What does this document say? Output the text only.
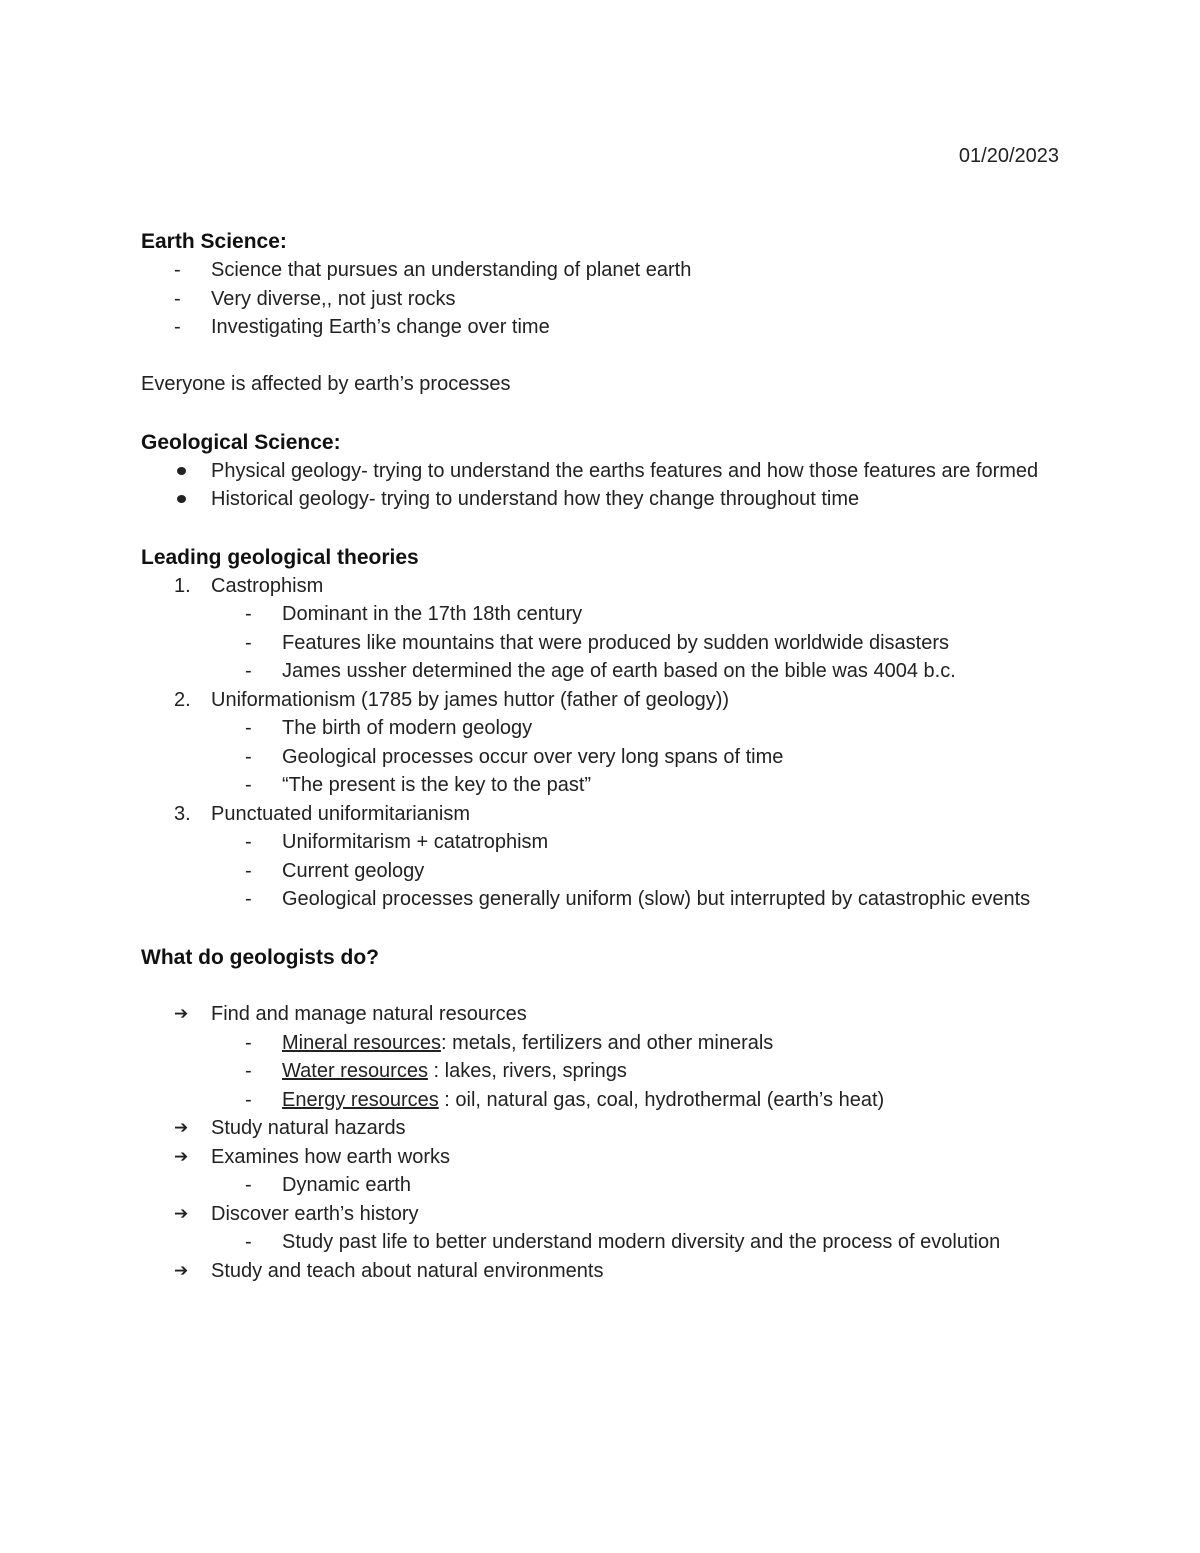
01/20/2023
Earth Science:
-	Science that pursues an understanding of planet earth
-	Very diverse,, not just rocks
-	Investigating Earth’s change over time

Everyone is affected by earth’s processes

Geological Science:
Physical geology- trying to understand the earths features and how those features are formed
Historical geology- trying to understand how they change throughout time
Leading geological theories
1.	Castrophism
-	Dominant in the 17th 18th century
-	Features like mountains that were produced by sudden worldwide disasters
-	James ussher determined the age of earth based on the bible was 4004 b.c.
2.	Uniformationism (1785 by james huttor (father of geology))
-	The birth of modern geology
-	Geological processes occur over very long spans of time
-	“The present is the key to the past”
3.	Punctuated uniformitarianism
-	Uniformitarism + catatrophism
-	Current geology
-	Geological processes generally uniform (slow) but interrupted by catastrophic events
What do geologists do?
➔	Find and manage natural resources
-	Mineral resources: metals, fertilizers and other minerals
-	Water resources : lakes, rivers, springs
-	Energy resources : oil, natural gas, coal, hydrothermal (earth’s heat)
➔	Study natural hazards
➔	Examines how earth works
-	Dynamic earth
➔	Discover earth’s history
-	Study past life to better understand modern diversity and the process of evolution
➔	Study and teach about natural environments
